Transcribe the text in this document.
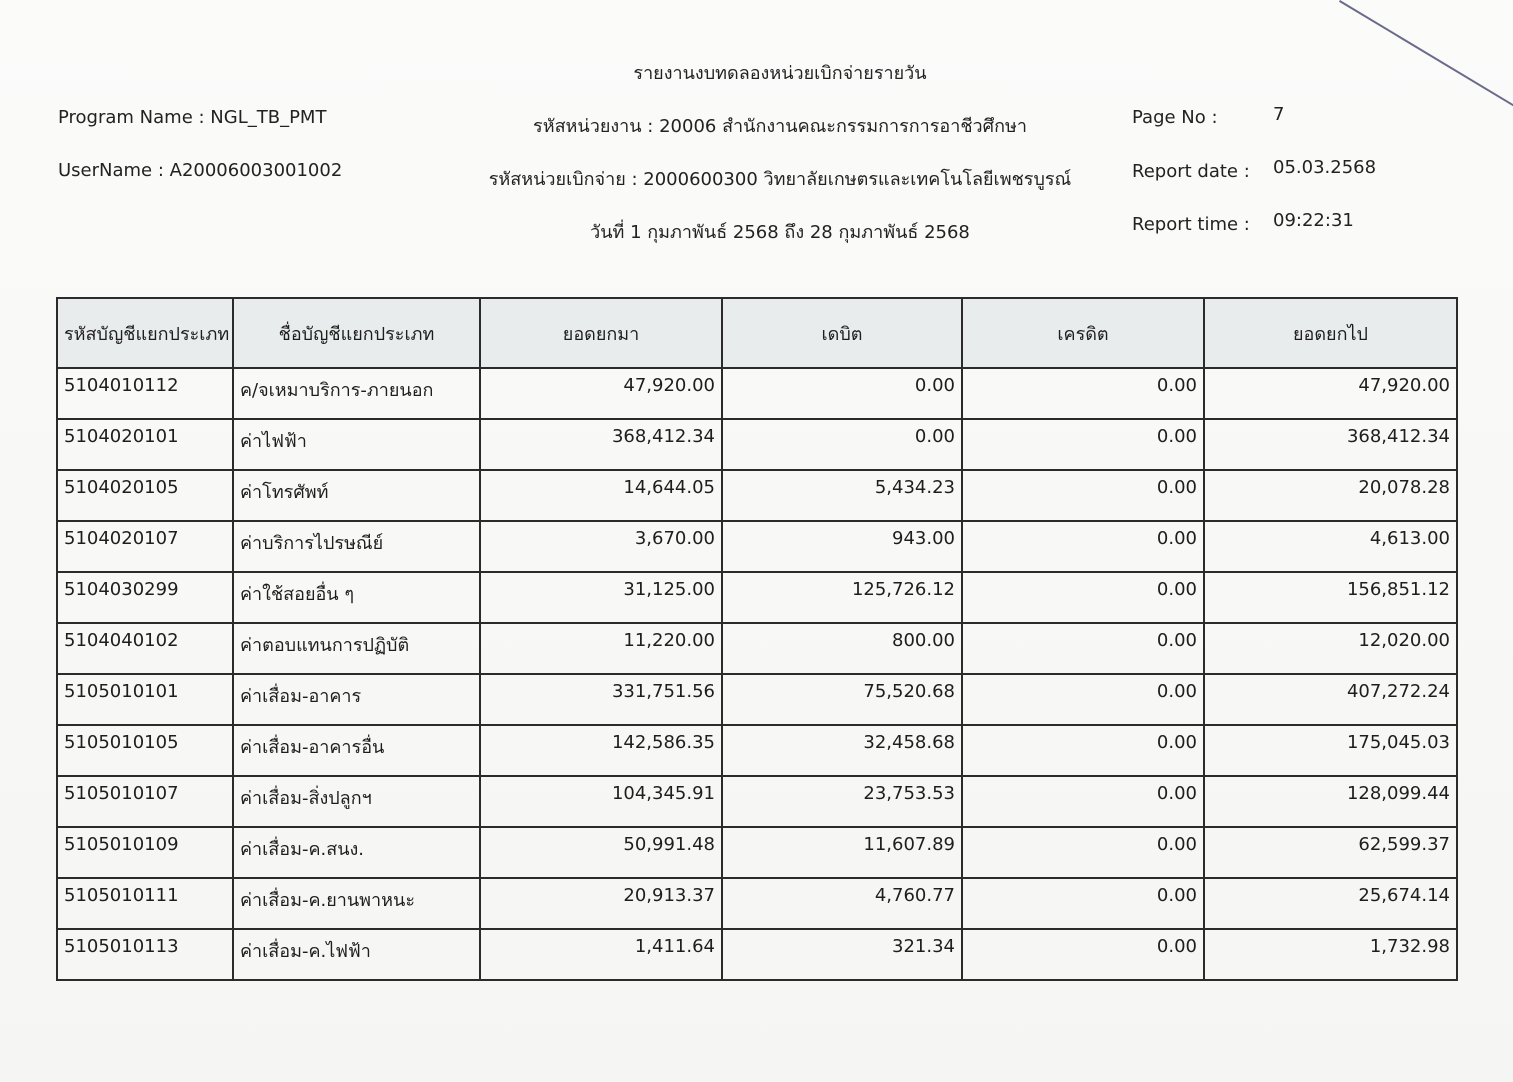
รายงานงบทดลองหน่วยเบิกจ่ายรายวัน
Program Name : NGL_TB_PMT	รหัสหน่วยงาน : 20006 สำนักงานคณะกรรมการการอาชีวศึกษา	Page No :	7
UserName : A20006003001002	รหัสหน่วยเบิกจ่าย : 2000600300 วิทยาลัยเกษตรและเทคโนโลยีเพชรบูรณ์	Report date : 05.03.2568
วันที่ 1 กุมภาพันธ์ 2568 ถึง 28 กุมภาพันธ์ 2568	Report time : 09:22:31
รหัสบัญชีแยกประเภท	ชื่อบัญชีแยกประเภท	ยอดยกมา	เดบิต	เครดิต	ยอดยกไป
5104010112	ค/จเหมาบริการ-ภายนอก	47,920.00	0.00	0.00	47,920.00
5104020101	ค่าไฟฟ้า	368,412.34	0.00	0.00	368,412.34
5104020105	ค่าโทรศัพท์	14,644.05	5,434.23	0.00	20,078.28
5104020107	ค่าบริการไปรษณีย์	3,670.00	943.00	0.00	4,613.00
5104030299	ค่าใช้สอยอื่น ๆ	31,125.00	125,726.12	0.00	156,851.12
5104040102	ค่าตอบแทนการปฏิบัติ	11,220.00	800.00	0.00	12,020.00
5105010101	ค่าเสื่อม-อาคาร	331,751.56	75,520.68	0.00	407,272.24
5105010105	ค่าเสื่อม-อาคารอื่น	142,586.35	32,458.68	0.00	175,045.03
5105010107	ค่าเสื่อม-สิ่งปลูกฯ	104,345.91	23,753.53	0.00	128,099.44
5105010109	ค่าเสื่อม-ค.สนง.	50,991.48	11,607.89	0.00	62,599.37
5105010111	ค่าเสื่อม-ค.ยานพาหนะ	20,913.37	4,760.77	0.00	25,674.14
5105010113	ค่าเสื่อม-ค.ไฟฟ้า	1,411.64	321.34	0.00	1,732.98
